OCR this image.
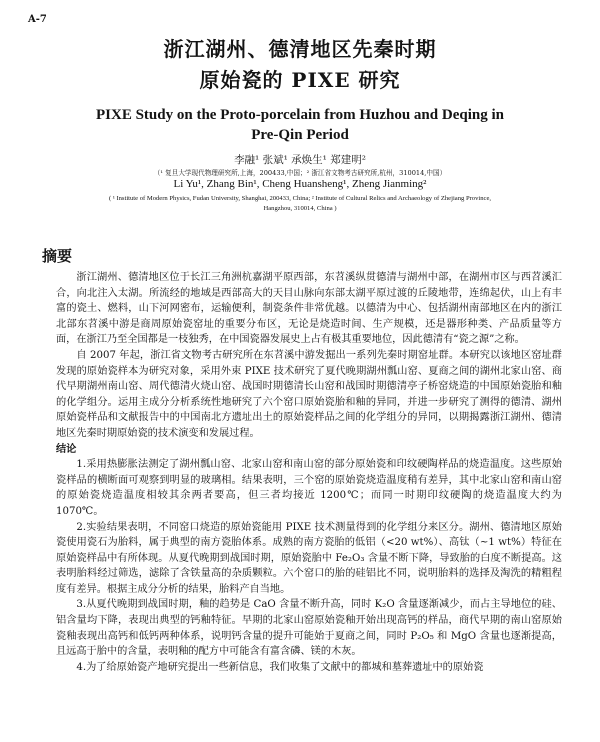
A-7
浙江湖州、德清地区先秦时期
原始瓷的 PIXE 研究
PIXE Study on the Proto-porcelain from Huzhou and Deqing in
Pre-Qin Period
李融¹ 张斌¹ 承焕生¹ 郑建明²
（¹ 复旦大学现代物理研究所,上海，200433,中国；² 浙江省文物考古研究所,杭州，310014,中国）
Li Yu¹, Zhang Bin¹, Cheng Huansheng¹, Zheng Jianming²
( ¹ Institute of Modern Physics, Fudan University, Shanghai, 200433, China; ² Institute of Cultural Relics and Archaeology of Zhejiang Province,
Hangzhou, 310014, China )
摘要

浙江湖州、德清地区位于长江三角洲杭嘉湖平原西部，东苕溪纵贯德清与湖州中部，在湖州市区与西苕溪汇合，向北注入太湖。所流经的地域是西部高大的天目山脉向东部太湖平原过渡的丘陵地带，连绵起伏，山上有丰富的瓷土、燃料，山下河网密布，运输便利，制瓷条件非常优越。以德清为中心、包括湖州南部地区在内的浙江北部东苕溪中游是商周原始瓷窑址的重要分布区，无论是烧造时间、生产规模，还是器形种类、产品质量等方面，在浙江乃至全国都是一枝独秀，在中国瓷器发展史上占有极其重要地位，因此德清有“瓷之源”之称。

自 2007 年起，浙江省文物考古研究所在东苕溪中游发掘出一系列先秦时期窑址群。本研究以该地区窑址群发现的原始瓷样本为研究对象，采用外束 PIXE 技术研究了夏代晚期湖州瓢山窑、夏商之间的湖州北家山窑、商代早期湖州南山窑、周代德清火烧山窑、战国时期德清长山窑和战国时期德清亭子桥窑烧造的中国原始瓷胎和釉的化学组分。运用主成分分析系统性地研究了六个窑口原始瓷胎和釉的异同，并进一步研究了测得的德清、湖州原始瓷样品和文献报告中的中国南北方遗址出土的原始瓷样品之间的化学组分的异同，以期揭露浙江湖州、德清地区先秦时期原始瓷的技术演变和发展过程。

结论

1.采用热膨胀法测定了湖州瓢山窑、北家山窑和南山窑的部分原始瓷和印纹硬陶样品的烧造温度。这些原始瓷样品的横断面可观察到明显的玻璃相。结果表明，三个窑的原始瓷烧造温度稍有差异，其中北家山窑和南山窑的原始瓷烧造温度相较其余两者要高，但三者均接近 1200℃；而同一时期印纹硬陶的烧造温度大约为 1070℃。

2.实验结果表明，不同窑口烧造的原始瓷能用 PIXE 技术测量得到的化学组分来区分。湖州、德清地区原始瓷使用瓷石为胎料，属于典型的南方瓷胎体系。成熟的南方瓷胎的低铝（<20 wt%）、高钛（~1 wt%）特征在原始瓷样品中有所体现。从夏代晚期到战国时期，原始瓷胎中 Fe₂O₃ 含量不断下降，导致胎的白度不断提高。这表明胎料经过筛选，滤除了含铁量高的杂质颗粒。六个窑口的胎的硅铝比不同，说明胎料的选择及淘洗的精粗程度有差异。根据主成分分析的结果，胎料产自当地。

3.从夏代晚期到战国时期，釉的趋势是 CaO 含量不断升高，同时 K₂O 含量逐渐减少，而占主导地位的硅、铝含量均下降，表现出典型的钙釉特征。早期的北家山窑原始瓷釉开始出现高钙的样品，商代早期的南山窑原始瓷釉表现出高钙和低钙两种体系，说明钙含量的提升可能始于夏商之间，同时 P₂O₅ 和 MgO 含量也逐渐提高，且远高于胎中的含量，表明釉的配方中可能含有富含磷、镁的木灰。

4.为了给原始瓷产地研究提出一些新信息，我们收集了文献中的都城和墓葬遗址中的原始瓷
